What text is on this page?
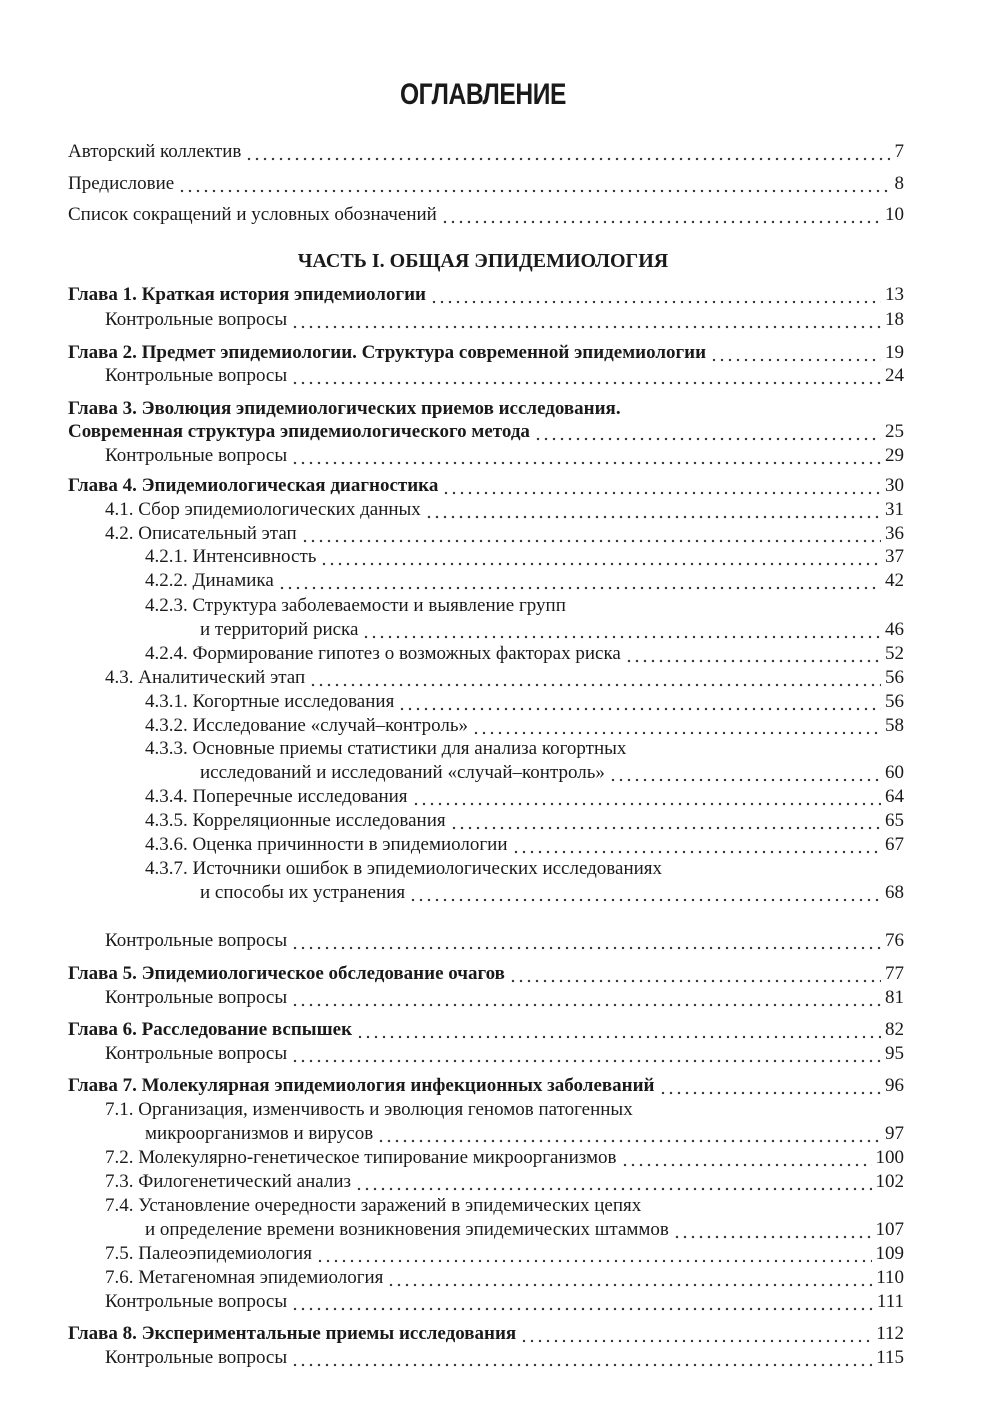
ОГЛАВЛЕНИЕ
ЧАСТЬ I. ОБЩАЯ ЭПИДЕМИОЛОГИЯ
Авторский коллектив	7
Предисловие	8
Список сокращений и условных обозначений	10
Глава 1. Краткая история эпидемиологии	13
Контрольные вопросы	18
Глава 2. Предмет эпидемиологии. Структура современной эпидемиологии	19
Контрольные вопросы	24
Глава 3. Эволюция эпидемиологических приемов исследования.
Современная структура эпидемиологического метода	25
Контрольные вопросы	29
Глава 4. Эпидемиологическая диагностика	30
4.1. Сбор эпидемиологических данных	31
4.2. Описательный этап	36
4.2.1. Интенсивность	37
4.2.2. Динамика	42
4.2.3. Структура заболеваемости и выявление групп
и территорий риска	46
4.2.4. Формирование гипотез о возможных факторах риска	52
4.3. Аналитический этап	56
4.3.1. Когортные исследования	56
4.3.2. Исследование «случай–контроль»	58
4.3.3. Основные приемы статистики для анализа когортных
исследований и исследований «случай–контроль»	60
4.3.4. Поперечные исследования	64
4.3.5. Корреляционные исследования	65
4.3.6. Оценка причинности в эпидемиологии	67
4.3.7. Источники ошибок в эпидемиологических исследованиях
и способы их устранения	68
Контрольные вопросы	76
Глава 5. Эпидемиологическое обследование очагов	77
Контрольные вопросы	81
Глава 6. Расследование вспышек	82
Контрольные вопросы	95
Глава 7. Молекулярная эпидемиология инфекционных заболеваний	96
7.1. Организация, изменчивость и эволюция геномов патогенных
микроорганизмов и вирусов	97
7.2. Молекулярно-генетическое типирование микроорганизмов	100
7.3. Филогенетический анализ	102
7.4. Установление очередности заражений в эпидемических цепях
и определение времени возникновения эпидемических штаммов	107
7.5. Палеоэпидемиология	109
7.6. Метагеномная эпидемиология	110
Контрольные вопросы	111
Глава 8. Экспериментальные приемы исследования	112
Контрольные вопросы	115
